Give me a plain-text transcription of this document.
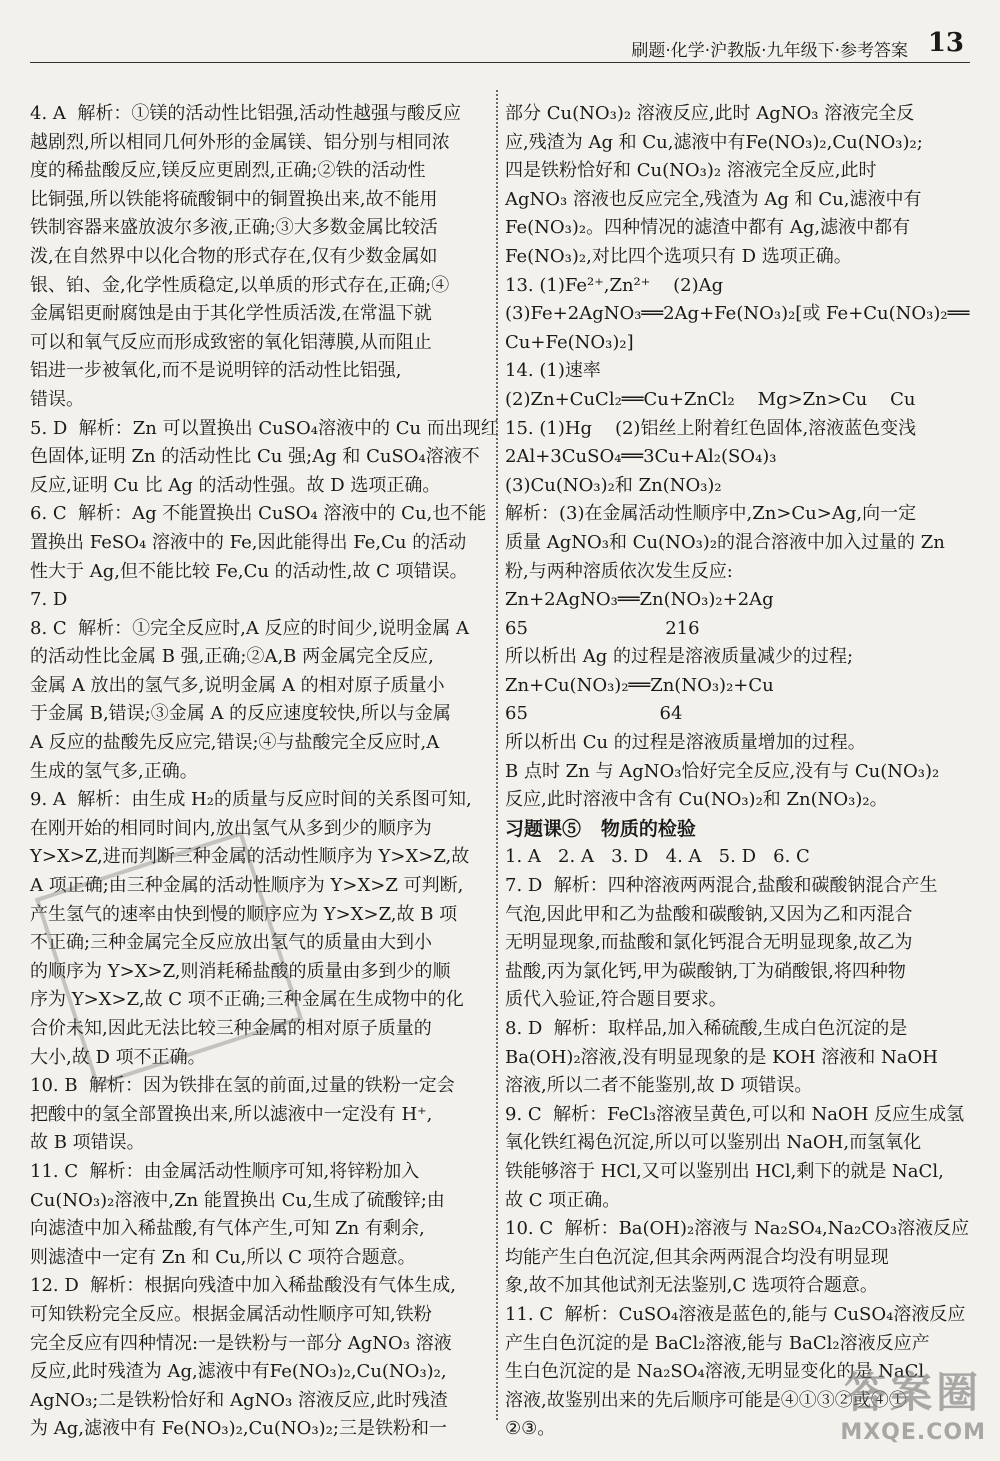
刷题·化学·沪教版·九年级下·参考答案 13
4. A  解析：①镁的活动性比铝强,活动性越强与酸反应
越剧烈,所以相同几何外形的金属镁、铝分别与相同浓
度的稀盐酸反应,镁反应更剧烈,正确;②铁的活动性
比铜强,所以铁能将硫酸铜中的铜置换出来,故不能用
铁制容器来盛放波尔多液,正确;③大多数金属比较活
泼,在自然界中以化合物的形式存在,仅有少数金属如
银、铂、金,化学性质稳定,以单质的形式存在,正确;④
金属铝更耐腐蚀是由于其化学性质活泼,在常温下就
可以和氧气反应而形成致密的氧化铝薄膜,从而阻止
铝进一步被氧化,而不是说明锌的活动性比铝强,
错误。
5. D  解析：Zn 可以置换出 CuSO₄溶液中的 Cu 而出现红
色固体,证明 Zn 的活动性比 Cu 强;Ag 和 CuSO₄溶液不
反应,证明 Cu 比 Ag 的活动性强。故 D 选项正确。
6. C  解析：Ag 不能置换出 CuSO₄ 溶液中的 Cu,也不能
置换出 FeSO₄ 溶液中的 Fe,因此能得出 Fe,Cu 的活动
性大于 Ag,但不能比较 Fe,Cu 的活动性,故 C 项错误。
7. D
8. C  解析：①完全反应时,A 反应的时间少,说明金属 A
的活动性比金属 B 强,正确;②A,B 两金属完全反应,
金属 A 放出的氢气多,说明金属 A 的相对原子质量小
于金属 B,错误;③金属 A 的反应速度较快,所以与金属
A 反应的盐酸先反应完,错误;④与盐酸完全反应时,A
生成的氢气多,正确。
9. A  解析：由生成 H₂的质量与反应时间的关系图可知,
在刚开始的相同时间内,放出氢气从多到少的顺序为
Y>X>Z,进而判断三种金属的活动性顺序为 Y>X>Z,故
A 项正确;由三种金属的活动性顺序为 Y>X>Z 可判断,
产生氢气的速率由快到慢的顺序应为 Y>X>Z,故 B 项
不正确;三种金属完全反应放出氢气的质量由大到小
的顺序为 Y>X>Z,则消耗稀盐酸的质量由多到少的顺
序为 Y>X>Z,故 C 项不正确;三种金属在生成物中的化
合价未知,因此无法比较三种金属的相对原子质量的
大小,故 D 项不正确。
10. B  解析：因为铁排在氢的前面,过量的铁粉一定会
把酸中的氢全部置换出来,所以滤液中一定没有 H⁺,
故 B 项错误。
11. C  解析：由金属活动性顺序可知,将锌粉加入
Cu(NO₃)₂溶液中,Zn 能置换出 Cu,生成了硫酸锌;由
向滤渣中加入稀盐酸,有气体产生,可知 Zn 有剩余,
则滤渣中一定有 Zn 和 Cu,所以 C 项符合题意。
12. D  解析：根据向残渣中加入稀盐酸没有气体生成,
可知铁粉完全反应。根据金属活动性顺序可知,铁粉
完全反应有四种情况:一是铁粉与一部分 AgNO₃ 溶液
反应,此时残渣为 Ag,滤液中有Fe(NO₃)₂,Cu(NO₃)₂,
AgNO₃;二是铁粉恰好和 AgNO₃ 溶液反应,此时残渣
为 Ag,滤液中有 Fe(NO₃)₂,Cu(NO₃)₂;三是铁粉和一
部分 Cu(NO₃)₂ 溶液反应,此时 AgNO₃ 溶液完全反
应,残渣为 Ag 和 Cu,滤液中有Fe(NO₃)₂,Cu(NO₃)₂;
四是铁粉恰好和 Cu(NO₃)₂ 溶液完全反应,此时
AgNO₃ 溶液也反应完全,残渣为 Ag 和 Cu,滤液中有
Fe(NO₃)₂。四种情况的滤渣中都有 Ag,滤液中都有
Fe(NO₃)₂,对比四个选项只有 D 选项正确。
13. (1)Fe²⁺,Zn²⁺    (2)Ag
(3)Fe+2AgNO₃══2Ag+Fe(NO₃)₂[或 Fe+Cu(NO₃)₂══
Cu+Fe(NO₃)₂]
14. (1)速率
(2)Zn+CuCl₂══Cu+ZnCl₂    Mg>Zn>Cu    Cu
15. (1)Hg    (2)铝丝上附着红色固体,溶液蓝色变浅
2Al+3CuSO₄══3Cu+Al₂(SO₄)₃
(3)Cu(NO₃)₂和 Zn(NO₃)₂
解析：(3)在金属活动性顺序中,Zn>Cu>Ag,向一定
质量 AgNO₃和 Cu(NO₃)₂的混合溶液中加入过量的 Zn
粉,与两种溶质依次发生反应:
Zn+2AgNO₃══Zn(NO₃)₂+2Ag
65                        216
所以析出 Ag 的过程是溶液质量减少的过程;
Zn+Cu(NO₃)₂══Zn(NO₃)₂+Cu
65                       64
所以析出 Cu 的过程是溶液质量增加的过程。
B 点时 Zn 与 AgNO₃恰好完全反应,没有与 Cu(NO₃)₂
反应,此时溶液中含有 Cu(NO₃)₂和 Zn(NO₃)₂。
习题课⑤   物质的检验
1. A   2. A   3. D   4. A   5. D   6. C
7. D  解析：四种溶液两两混合,盐酸和碳酸钠混合产生
气泡,因此甲和乙为盐酸和碳酸钠,又因为乙和丙混合
无明显现象,而盐酸和氯化钙混合无明显现象,故乙为
盐酸,丙为氯化钙,甲为碳酸钠,丁为硝酸银,将四种物
质代入验证,符合题目要求。
8. D  解析：取样品,加入稀硫酸,生成白色沉淀的是
Ba(OH)₂溶液,没有明显现象的是 KOH 溶液和 NaOH
溶液,所以二者不能鉴别,故 D 项错误。
9. C  解析：FeCl₃溶液呈黄色,可以和 NaOH 反应生成氢
氧化铁红褐色沉淀,所以可以鉴别出 NaOH,而氢氧化
铁能够溶于 HCl,又可以鉴别出 HCl,剩下的就是 NaCl,
故 C 项正确。
10. C  解析：Ba(OH)₂溶液与 Na₂SO₄,Na₂CO₃溶液反应
均能产生白色沉淀,但其余两两混合均没有明显现
象,故不加其他试剂无法鉴别,C 选项符合题意。
11. C  解析：CuSO₄溶液是蓝色的,能与 CuSO₄溶液反应
产生白色沉淀的是 BaCl₂溶液,能与 BaCl₂溶液反应产
生白色沉淀的是 Na₂SO₄溶液,无明显变化的是 NaCl
溶液,故鉴别出来的先后顺序可能是④①③②或④①
②③。
答案圈
MXQE.COM
